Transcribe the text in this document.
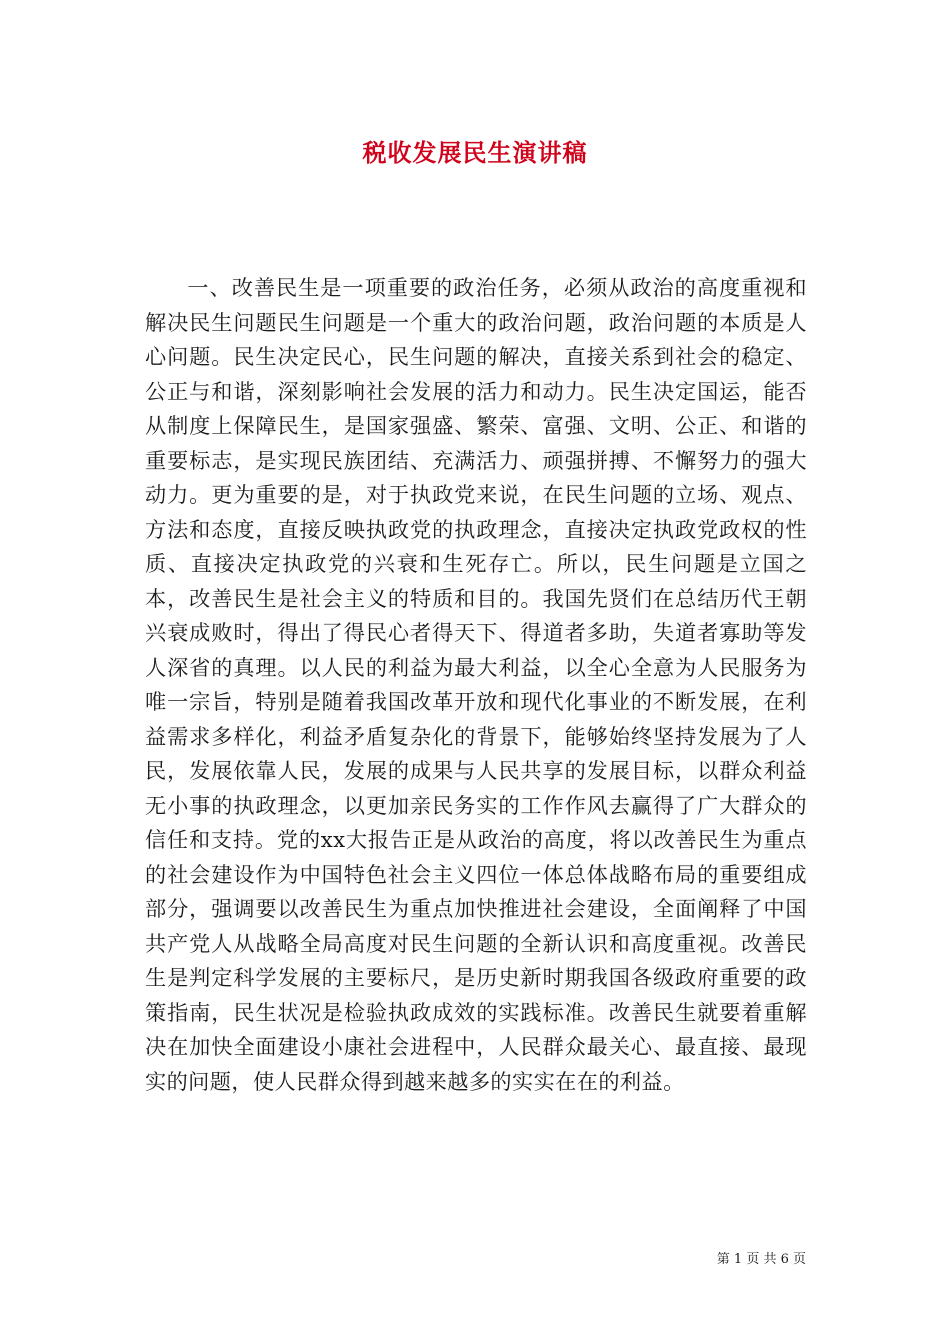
税收发展民生演讲稿

一、改善民生是一项重要的政治任务，必须从政治的高度重视和解决民生问题民生问题是一个重大的政治问题，政治问题的本质是人心问题。民生决定民心，民生问题的解决，直接关系到社会的稳定、公正与和谐，深刻影响社会发展的活力和动力。民生决定国运，能否从制度上保障民生，是国家强盛、繁荣、富强、文明、公正、和谐的重要标志，是实现民族团结、充满活力、顽强拼搏、不懈努力的强大动力。更为重要的是，对于执政党来说，在民生问题的立场、观点、方法和态度，直接反映执政党的执政理念，直接决定执政党政权的性质、直接决定执政党的兴衰和生死存亡。所以，民生问题是立国之本，改善民生是社会主义的特质和目的。我国先贤们在总结历代王朝兴衰成败时，得出了得民心者得天下、得道者多助，失道者寡助等发人深省的真理。以人民的利益为最大利益，以全心全意为人民服务为唯一宗旨，特别是随着我国改革开放和现代化事业的不断发展，在利益需求多样化，利益矛盾复杂化的背景下，能够始终坚持发展为了人民，发展依靠人民，发展的成果与人民共享的发展目标，以群众利益无小事的执政理念，以更加亲民务实的工作作风去赢得了广大群众的信任和支持。党的xx大报告正是从政治的高度，将以改善民生为重点的社会建设作为中国特色社会主义四位一体总体战略布局的重要组成部分，强调要以改善民生为重点加快推进社会建设，全面阐释了中国共产党人从战略全局高度对民生问题的全新认识和高度重视。改善民生是判定科学发展的主要标尺，是历史新时期我国各级政府重要的政策指南，民生状况是检验执政成效的实践标准。改善民生就要着重解决在加快全面建设小康社会进程中，人民群众最关心、最直接、最现实的问题，使人民群众得到越来越多的实实在在的利益。

第 1 页 共 6 页
